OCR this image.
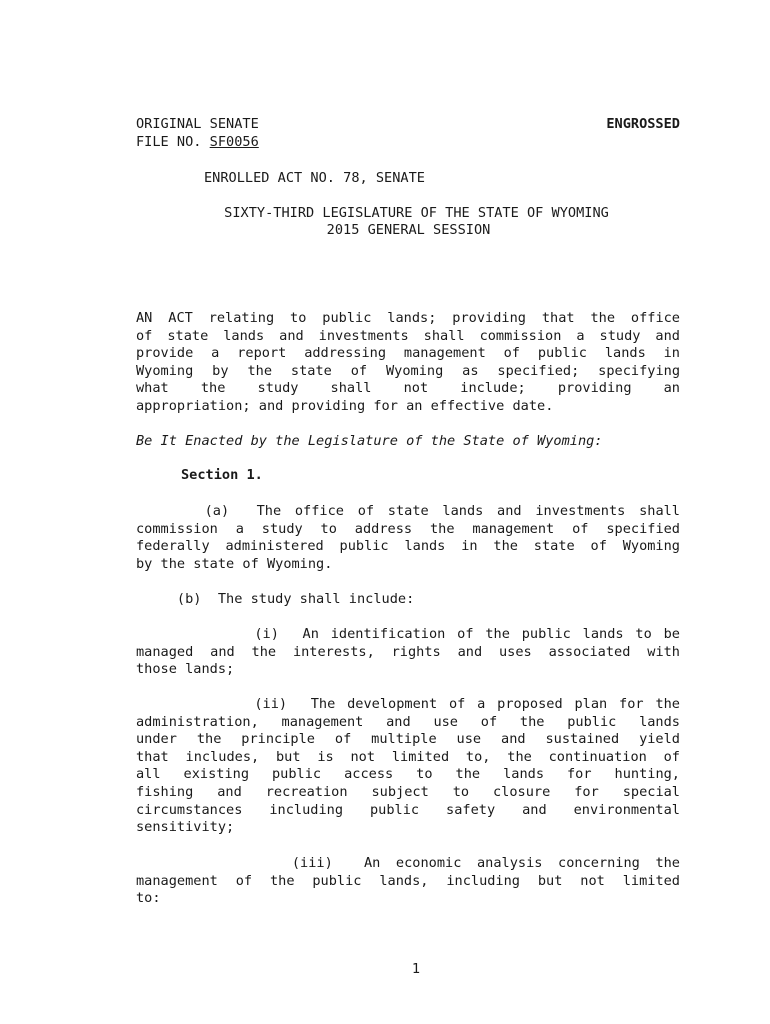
ORIGINAL SENATE	ENGROSSED
FILE NO. SF0056
ENROLLED ACT NO. 78, SENATE
SIXTY-THIRD LEGISLATURE OF THE STATE OF WYOMING
2015 GENERAL SESSION
AN ACT relating to public lands; providing that the office
of state lands and investments shall commission a study and
provide a report addressing management of public lands in
Wyoming by the state of Wyoming as specified; specifying
what the study shall not include; providing an
appropriation; and providing for an effective date.
Be It Enacted by the Legislature of the State of Wyoming:
Section 1.
(a)  The office of state lands and investments shall
commission a study to address the management of specified
federally administered public lands in the state of Wyoming
by the state of Wyoming.
(b)  The study shall include:
(i)  An identification of the public lands to be
managed and the interests, rights and uses associated with
those lands;
(ii)  The development of a proposed plan for the
administration, management and use of the public lands
under the principle of multiple use and sustained yield
that includes, but is not limited to, the continuation of
all existing public access to the lands for hunting,
fishing and recreation subject to closure for special
circumstances including public safety and environmental
sensitivity;
(iii)  An economic analysis concerning the
management of the public lands, including but not limited
to:
1
